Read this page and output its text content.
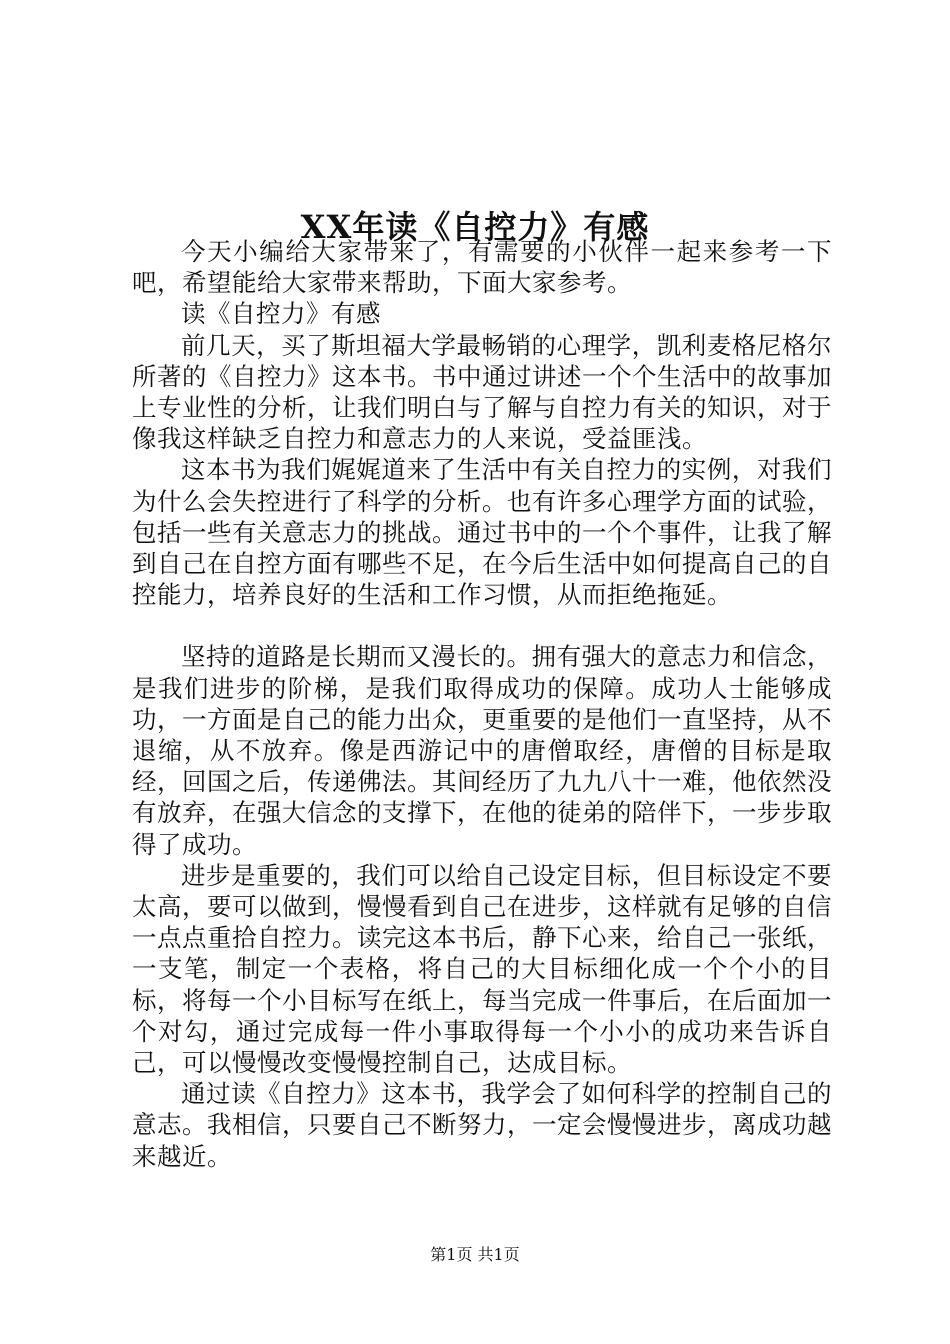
XX年读《自控力》有感

今天小编给大家带来了，有需要的小伙伴一起来参考一下吧，希望能给大家带来帮助，下面大家参考。

读《自控力》有感

前几天，买了斯坦福大学最畅销的心理学，凯利麦格尼格尔所著的《自控力》这本书。书中通过讲述一个个生活中的故事加上专业性的分析，让我们明白与了解与自控力有关的知识，对于像我这样缺乏自控力和意志力的人来说，受益匪浅。

这本书为我们娓娓道来了生活中有关自控力的实例，对我们为什么会失控进行了科学的分析。也有许多心理学方面的试验，包括一些有关意志力的挑战。通过书中的一个个事件，让我了解到自己在自控方面有哪些不足，在今后生活中如何提高自己的自控能力，培养良好的生活和工作习惯，从而拒绝拖延。

坚持的道路是长期而又漫长的。拥有强大的意志力和信念，是我们进步的阶梯，是我们取得成功的保障。成功人士能够成功，一方面是自己的能力出众，更重要的是他们一直坚持，从不退缩，从不放弃。像是西游记中的唐僧取经，唐僧的目标是取经，回国之后，传递佛法。其间经历了九九八十一难，他依然没有放弃，在强大信念的支撑下，在他的徒弟的陪伴下，一步步取得了成功。

进步是重要的，我们可以给自己设定目标，但目标设定不要太高，要可以做到，慢慢看到自己在进步，这样就有足够的自信一点点重拾自控力。读完这本书后，静下心来，给自己一张纸，一支笔，制定一个表格，将自己的大目标细化成一个个小的目标，将每一个小目标写在纸上，每当完成一件事后，在后面加一个对勾，通过完成每一件小事取得每一个小小的成功来告诉自己，可以慢慢改变慢慢控制自己，达成目标。

通过读《自控力》这本书，我学会了如何科学的控制自己的意志。我相信，只要自己不断努力，一定会慢慢进步，离成功越来越近。

第1页 共1页
